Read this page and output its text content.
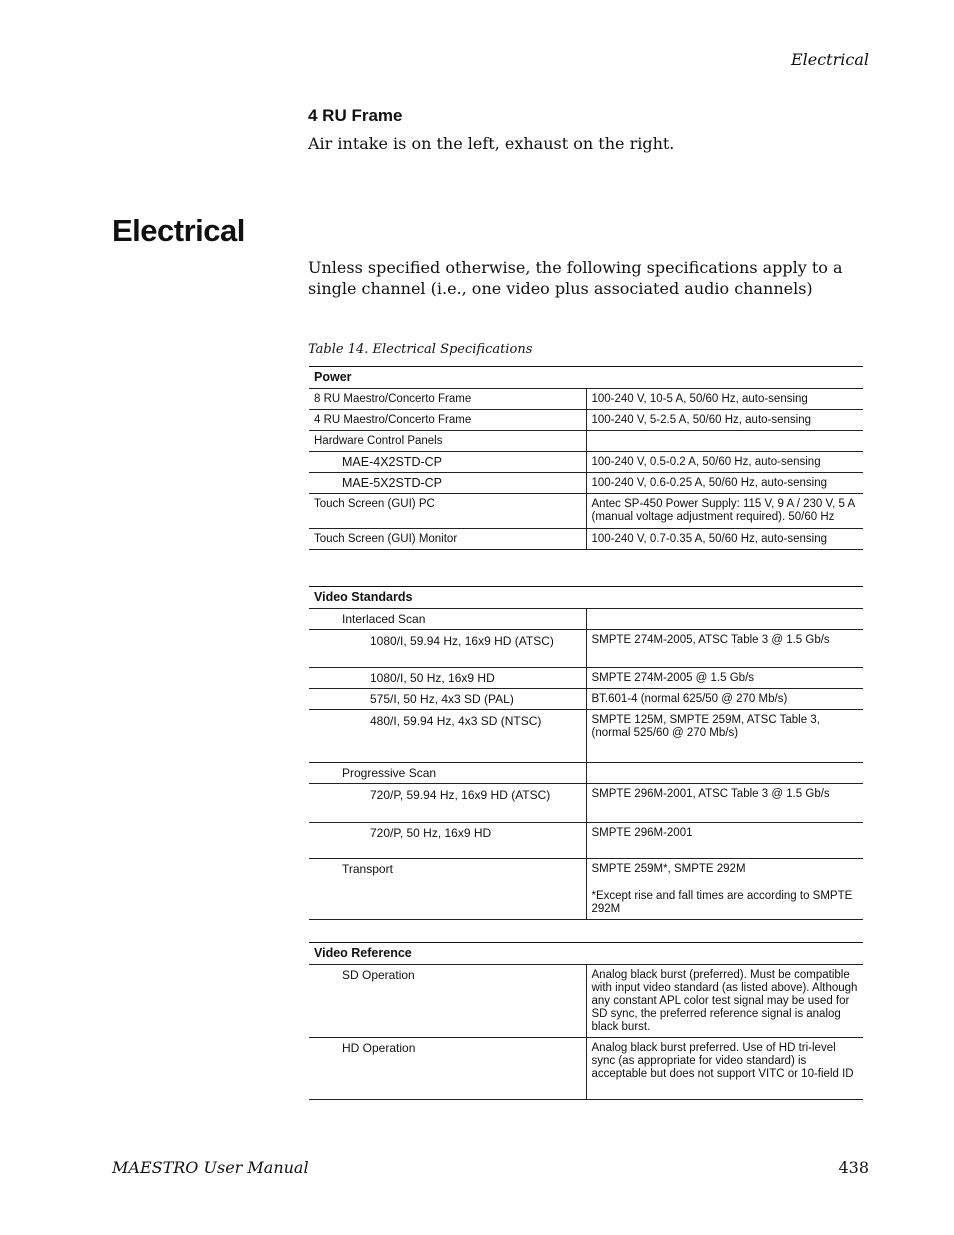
Electrical
4 RU Frame
Air intake is on the left, exhaust on the right.
Electrical
Unless specified otherwise, the following specifications apply to a single channel (i.e., one video plus associated audio channels)
Table 14. Electrical Specifications
Power	
8 RU Maestro/Concerto Frame	100-240 V, 10-5 A, 50/60 Hz, auto-sensing
4 RU Maestro/Concerto Frame	100-240 V, 5-2.5 A, 50/60 Hz, auto-sensing
Hardware Control Panels	
MAE-4X2STD-CP	100-240 V, 0.5-0.2 A, 50/60 Hz, auto-sensing
MAE-5X2STD-CP	100-240 V, 0.6-0.25 A, 50/60 Hz, auto-sensing
Touch Screen (GUI) PC	Antec SP-450 Power Supply: 115 V, 9 A / 230 V, 5 A (manual voltage adjustment required). 50/60 Hz
Touch Screen (GUI) Monitor	100-240 V, 0.7-0.35 A, 50/60 Hz, auto-sensing
Video Standards	
Interlaced Scan	
1080/I, 59.94 Hz, 16x9 HD (ATSC)	SMPTE 274M-2005, ATSC Table 3 @ 1.5 Gb/s
1080/I, 50 Hz, 16x9 HD	SMPTE 274M-2005 @ 1.5 Gb/s
575/I, 50 Hz, 4x3 SD (PAL)	BT.601-4 (normal 625/50 @ 270 Mb/s)
480/I, 59.94 Hz, 4x3 SD (NTSC)	SMPTE 125M, SMPTE 259M, ATSC Table 3,
(normal 525/60 @ 270 Mb/s)

Progressive Scan	
720/P, 59.94 Hz, 16x9 HD (ATSC)	SMPTE 296M-2001, ATSC Table 3 @ 1.5 Gb/s
720/P, 50 Hz, 16x9 HD	SMPTE 296M-2001
Transport	SMPTE 259M*, SMPTE 292M
*Except rise and fall times are according to SMPTE 292M
Video Reference	
SD Operation	Analog black burst (preferred). Must be compatible with input video standard (as listed above). Although any constant APL color test signal may be used for SD sync, the preferred reference signal is analog black burst.
HD Operation	Analog black burst preferred. Use of HD tri-level sync (as appropriate for video standard) is acceptable but does not support VITC or 10-field ID
MAESTRO User Manual	438
